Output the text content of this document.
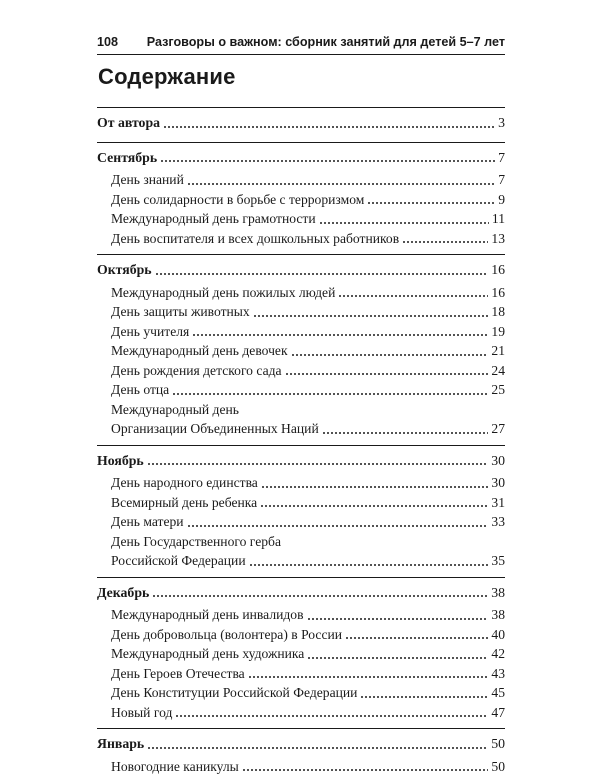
108 Разговоры о важном: сборник занятий для детей 5–7 лет
Содержание
От автора	3
Сентябрь	7
День знаний	7
День солидарности в борьбе с терроризмом	9
Международный день грамотности	11
День воспитателя и всех дошкольных работников	13
Октябрь	16
Международный день пожилых людей	16
День защиты животных	18
День учителя	19
Международный день девочек	21
День рождения детского сада	24
День отца	25
Международный день
Организации Объединенных Наций	27
Ноябрь	30
День народного единства	30
Всемирный день ребенка	31
День матери	33
День Государственного герба
Российской Федерации	35
Декабрь	38
Международный день инвалидов	38
День добровольца (волонтера) в России	40
Международный день художника	42
День Героев Отечества	43
День Конституции Российской Федерации	45
Новый год	47
Январь	50
Новогодние каникулы	50
